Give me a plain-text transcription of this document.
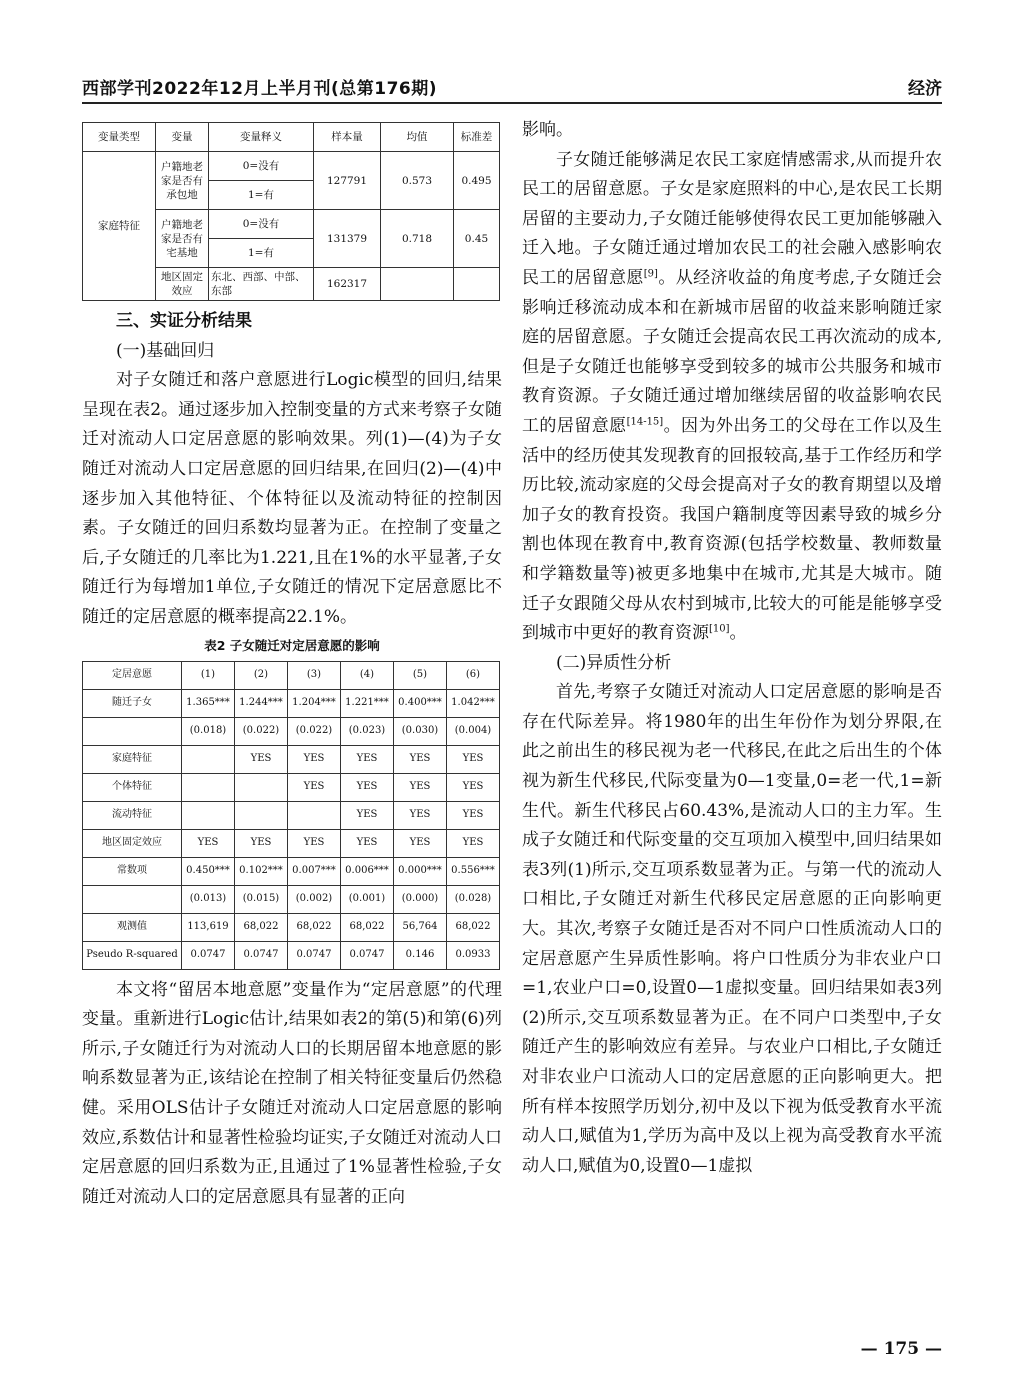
西部学刊2022年12月上半月刊(总第176期)	经济
变量类型	变量	变量释义	样本量	均值	标准差
家庭特征	户籍地老家是否有承包地	0=没有	127791	0.573	0.495
		1=有			
	户籍地老家是否有宅基地	0=没有	131379	0.718	0.45
		1=有			
	地区固定效应	东北、西部、中部、东部	162317		
三、实证分析结果
(一)基础回归

对子女随迁和落户意愿进行Logic模型的回归,结果呈现在表2。通过逐步加入控制变量的方式来考察子女随迁对流动人口定居意愿的影响效果。列(1)—(4)为子女随迁对流动人口定居意愿的回归结果,在回归(2)—(4)中逐步加入其他特征、个体特征以及流动特征的控制因素。子女随迁的回归系数均显著为正。在控制了变量之后,子女随迁的几率比为1.221,且在1%的水平显著,子女随迁行为每增加1单位,子女随迁的情况下定居意愿比不随迁的定居意愿的概率提高22.1%。

表2 子女随迁对定居意愿的影响
定居意愿	(1)	(2)	(3)	(4)	(5)	(6)
随迁子女	1.365***	1.244***	1.204***	1.221***	0.400***	1.042***
	(0.018)	(0.022)	(0.022)	(0.023)	(0.030)	(0.004)
家庭特征		YES	YES	YES	YES	YES
个体特征			YES	YES	YES	YES
流动特征				YES	YES	YES
地区固定效应	YES	YES	YES	YES	YES	YES
常数项	0.450***	0.102***	0.007***	0.006***	0.000***	0.556***
	(0.013)	(0.015)	(0.002)	(0.001)	(0.000)	(0.028)
观测值	113,619	68,022	68,022	68,022	56,764	68,022
Pseudo R-squared	0.0747	0.0747	0.0747	0.0747	0.146	0.0933

本文将“留居本地意愿”变量作为“定居意愿”的代理变量。重新进行Logic估计,结果如表2的第(5)和第(6)列所示,子女随迁行为对流动人口的长期居留本地意愿的影响系数显著为正,该结论在控制了相关特征变量后仍然稳健。采用OLS估计子女随迁对流动人口定居意愿的影响效应,系数估计和显著性检验均证实,子女随迁对流动人口定居意愿的回归系数为正,且通过了1%显著性检验,子女随迁对流动人口的定居意愿具有显著的正向

影响。

子女随迁能够满足农民工家庭情感需求,从而提升农民工的居留意愿。子女是家庭照料的中心,是农民工长期居留的主要动力,子女随迁能够使得农民工更加能够融入迁入地。子女随迁通过增加农民工的社会融入感影响农民工的居留意愿[9]。从经济收益的角度考虑,子女随迁会影响迁移流动成本和在新城市居留的收益来影响随迁家庭的居留意愿。子女随迁会提高农民工再次流动的成本,但是子女随迁也能够享受到较多的城市公共服务和城市教育资源。子女随迁通过增加继续居留的收益影响农民工的居留意愿[14-15]。因为外出务工的父母在工作以及生活中的经历使其发现教育的回报较高,基于工作经历和学历比较,流动家庭的父母会提高对子女的教育期望以及增加子女的教育投资。我国户籍制度等因素导致的城乡分割也体现在教育中,教育资源(包括学校数量、教师数量和学籍数量等)被更多地集中在城市,尤其是大城市。随迁子女跟随父母从农村到城市,比较大的可能是能够享受到城市中更好的教育资源[10]。

(二)异质性分析

首先,考察子女随迁对流动人口定居意愿的影响是否存在代际差异。将1980年的出生年份作为划分界限,在此之前出生的移民视为老一代移民,在此之后出生的个体视为新生代移民,代际变量为0—1变量,0=老一代,1=新生代。新生代移民占60.43%,是流动人口的主力军。生成子女随迁和代际变量的交互项加入模型中,回归结果如表3列(1)所示,交互项系数显著为正。与第一代的流动人口相比,子女随迁对新生代移民定居意愿的正向影响更大。其次,考察子女随迁是否对不同户口性质流动人口的定居意愿产生异质性影响。将户口性质分为非农业户口=1,农业户口=0,设置0—1虚拟变量。回归结果如表3列(2)所示,交互项系数显著为正。在不同户口类型中,子女随迁产生的影响效应有差异。与农业户口相比,子女随迁对非农业户口流动人口的定居意愿的正向影响更大。把所有样本按照学历划分,初中及以下视为低受教育水平流动人口,赋值为1,学历为高中及以上视为高受教育水平流动人口,赋值为0,设置0—1虚拟

— 175 —
